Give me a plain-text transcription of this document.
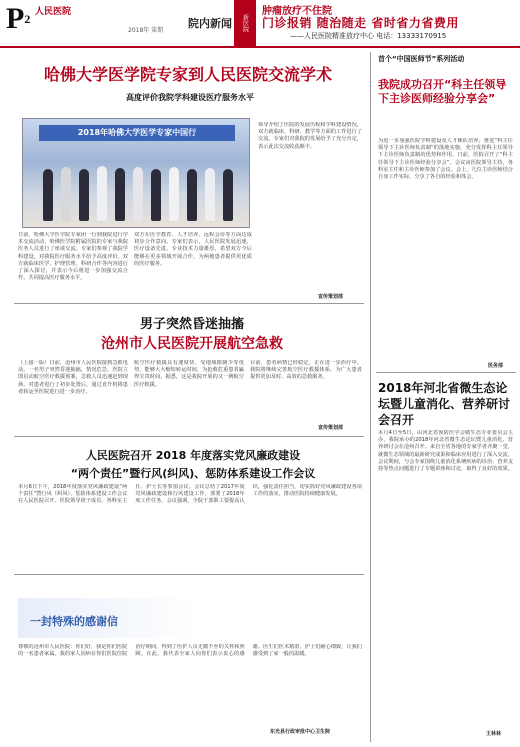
P2 人民医院
2018年 第期
院内新闻	新医院
肿瘤放疗不住院
门诊报销 随治随走 省时省力省费用
——人民医院精准放疗中心 电话：13333170915
哈佛大学医学院专家到人民医院交流学术
高度评价我院学科建设医疗服务水平
2018年哈佛大学医学专家中国行
日前，哈佛大学医学院专家团一行到我院进行学术交流活动，哈佛医学院附属医院的专家与我院医务人员进行了座谈交流。专家们参观了我院学科建设，对我院医疗服务水平给予高度评价。双方就临床医学、护理管理、科研合作等内容进行了深入探讨，并表示今后将进一步加强交流合作，共同提高医疗服务水平。
双方在医学教育、人才培养、远程会诊等方面达成初步合作意向。专家们表示，人民医院发展迅速，医疗设备先进，专业技术力量雄厚，希望双方今后能够在更多领域开展合作，为两地患者提供更优质的医疗服务。
领导介绍了医院的发展历程和学科建设情况，双方就临床、科研、教学等方面的工作进行了交流。专家们对我院的发展给予了充分肯定，表示此次交流收获颇丰。
宣传策划部
男子突然昏迷抽搐
沧州市人民医院开展航空急救
（上接一版）日前，沧州市人民医院接到急救电话，一名男子突然昏迷抽搐，情况危急。医院立即启动航空医疗救援预案，急救人员迅速赶到现场，对患者进行了初步处置后，通过直升机将患者转运至医院进行进一步治疗。
航空医疗救援具有速度快、受地域限制少等优势，能够大大缩短转运时间，为抢救危重患者赢得宝贵时间。据悉，这是我院开展的又一例航空医疗救援。
目前，患者病情已经稳定，正在进一步治疗中。我院将继续完善航空医疗救援体系，为广大患者提供更加及时、高效的急救服务。
宣传策划部
人民医院召开 2018 年度落实党风廉政建设
“两个责任”暨行风(纠风)、惩防体系建设工作会议
本月6日下午，2018年度落实党风廉政建设“两个责任”暨行风（纠风）、惩防体系建设工作会议在人民医院召开。医院领导班子成员、各科室主任、护士长等参加会议。会议总结了2017年度党风廉政建设和行风建设工作，部署了2018年度工作任务。会议强调，全院干部职工要提高认识，强化责任担当，切实抓好党风廉政建设各项工作的落实，推动医院持续健康发展。
一封特殊的感谢信
尊敬的沧州市人民医院：你们好，我是你们医院的一名患者家属。我的家人因病在你们医院住院治疗期间，得到了医护人员无微不至的关怀和照顾。在此，我代表全家人向你们表示衷心的感谢。医生们医术精湛，护士们耐心细致，让我们感受到了家一般的温暖。
东光县行政审批中心卫生院
首个“中国医师节”系列活动
我院成功召开“科主任领导下主诊医师经验分享会”
为进一步加强医院学科建设及人才梯队培养，推进“科主任领导下主诊医师负责制”的落地实施，充分发挥科主任领导下主诊医师负责制的优势和作用，日前，医院召开了“科主任领导下主诊医师经验分享会”。会议由医院领导主持，各科室主任和主诊医师参加了会议。会上，几位主诊医师结合自身工作实际，分享了各自的经验和体会。
医务部
2018年河北省微生态论坛暨儿童消化、营养研讨会召开
本月4日至5日，由河北省预防医学会微生态专业委员会主办、我院承办的2018年河北省微生态论坛暨儿童消化、营养研讨会在沧州召开。来自全省各地的专家学者齐聚一堂，就微生态领域的最新研究成果和临床应用进行了深入交流。会议期间，与会专家围绕儿童消化系统疾病的诊治、营养支持等热点问题进行了专题讲座和讨论，取得了良好的效果。
王林林
